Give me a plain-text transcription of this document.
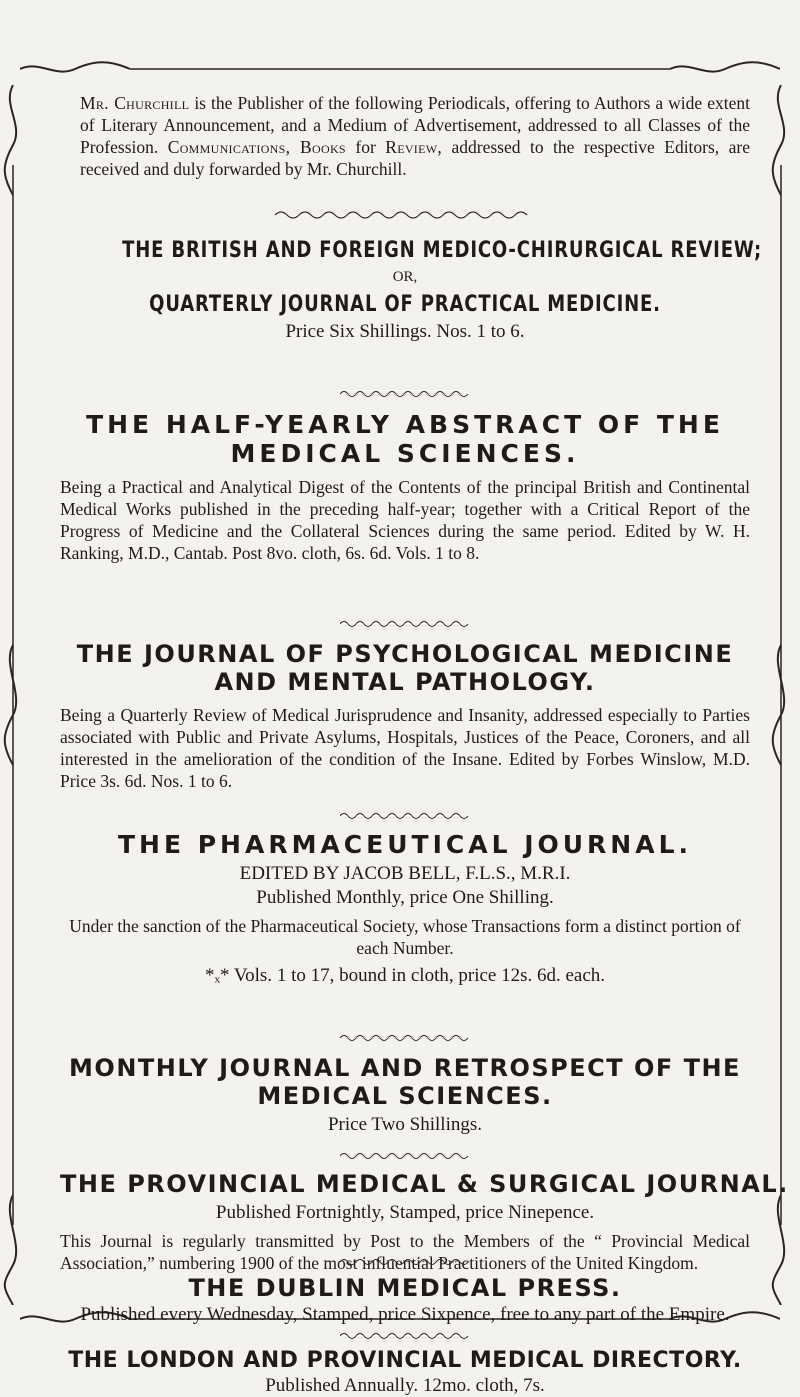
Mr. Churchill is the Publisher of the following Periodicals, offering to Authors a wide extent of Literary Announcement, and a Medium of Advertisement, addressed to all Classes of the Profession. Communications, Books for Review, addressed to the respective Editors, are received and duly forwarded by Mr. Churchill.

THE BRITISH AND FOREIGN MEDICO-CHIRURGICAL REVIEW;

OR,

QUARTERLY JOURNAL OF PRACTICAL MEDICINE.

Price Six Shillings. Nos. 1 to 6.

THE HALF-YEARLY ABSTRACT OF THE

MEDICAL SCIENCES.

Being a Practical and Analytical Digest of the Contents of the principal British and Continental Medical Works published in the preceding half-year; together with a Critical Report of the Progress of Medicine and the Collateral Sciences during the same period. Edited by W. H. Ranking, M.D., Cantab. Post 8vo. cloth, 6s. 6d. Vols. 1 to 8.

THE JOURNAL OF PSYCHOLOGICAL MEDICINE

AND MENTAL PATHOLOGY.

Being a Quarterly Review of Medical Jurisprudence and Insanity, addressed especially to Parties associated with Public and Private Asylums, Hospitals, Justices of the Peace, Coroners, and all interested in the amelioration of the condition of the Insane. Edited by Forbes Winslow, M.D. Price 3s. 6d. Nos. 1 to 6.

THE PHARMACEUTICAL JOURNAL.

EDITED BY JACOB BELL, F.L.S., M.R.I.

Published Monthly, price One Shilling.

Under the sanction of the Pharmaceutical Society, whose Transactions form a distinct portion of each Number.

*ₓ* Vols. 1 to 17, bound in cloth, price 12s. 6d. each.

MONTHLY JOURNAL AND RETROSPECT OF THE

MEDICAL SCIENCES.

Price Two Shillings.

THE PROVINCIAL MEDICAL & SURGICAL JOURNAL.

Published Fortnightly, Stamped, price Ninepence.

This Journal is regularly transmitted by Post to the Members of the “ Provincial Medical Association,” numbering 1900 of the most influential Practitioners of the United Kingdom.

THE DUBLIN MEDICAL PRESS.

Published every Wednesday, Stamped, price Sixpence, free to any part of the Empire.

THE LONDON AND PROVINCIAL MEDICAL DIRECTORY.

Published Annually. 12mo. cloth, 7s.
